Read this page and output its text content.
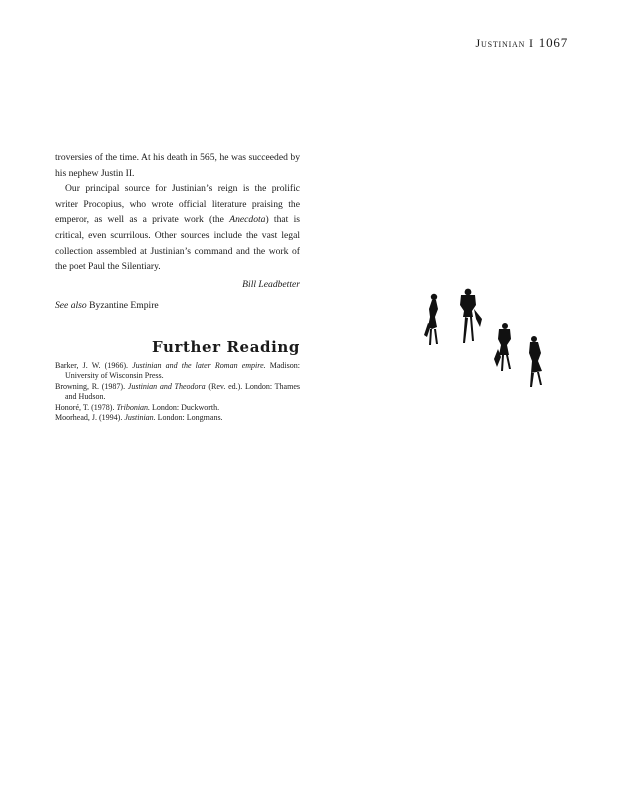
Justinian I 1067

troversies of the time. At his death in 565, he was succeeded by his nephew Justin II.

Our principal source for Justinian’s reign is the prolific writer Procopius, who wrote official literature praising the emperor, as well as a private work (the Anecdota) that is critical, even scurrilous. Other sources include the vast legal collection assembled at Justinian’s command and the work of the poet Paul the Silentiary.

Bill Leadbetter
See also Byzantine Empire
Further Reading

Barker, J. W. (1966). Justinian and the later Roman empire. Madison: University of Wisconsin Press.

Browning, R. (1987). Justinian and Theodora (Rev. ed.). London: Thames and Hudson.

Honoré, T. (1978). Tribonian. London: Duckworth.

Moorhead, J. (1994). Justinian. London: Longmans.
